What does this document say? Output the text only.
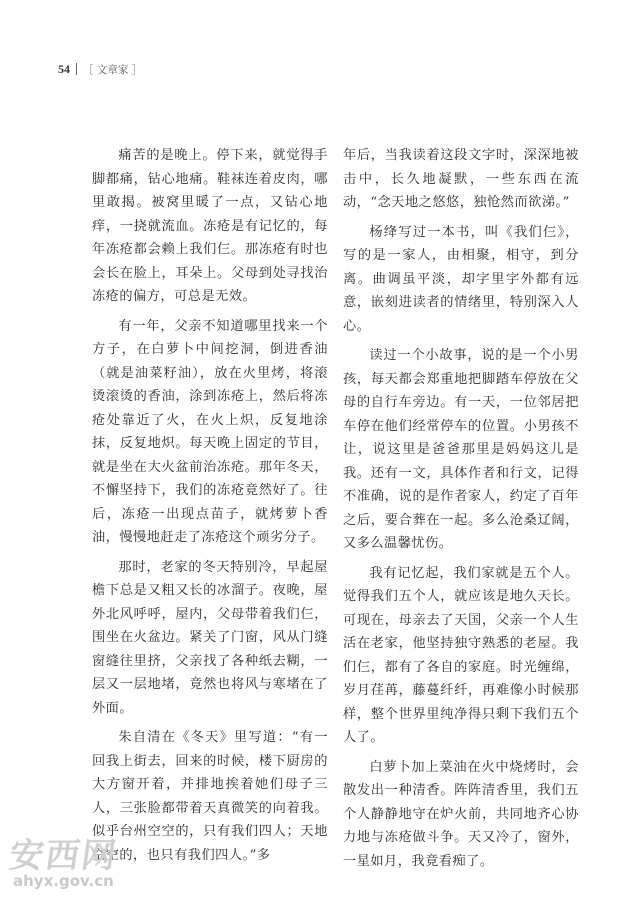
54 ［ 文章家 ］

痛苦的是晚上。停下来，就觉得手脚都痛，钻心地痛。鞋袜连着皮肉，哪里敢揭。被窝里暖了一点，又钻心地痒，一挠就流血。冻疮是有记忆的，每年冻疮都会赖上我们仨。那冻疮有时也会长在脸上，耳朵上。父母到处寻找治冻疮的偏方，可总是无效。

有一年，父亲不知道哪里找来一个方子，在白萝卜中间挖洞，倒进香油（就是油菜籽油），放在火里烤，将滚烫滚烫的香油，涂到冻疮上，然后将冻疮处靠近了火，在火上炽，反复地涂抹，反复地炽。每天晚上固定的节目，就是坐在大火盆前治冻疮。那年冬天，不懈坚持下，我们的冻疮竟然好了。往后，冻疮一出现点苗子，就烤萝卜香油，慢慢地赶走了冻疮这个顽劣分子。

那时，老家的冬天特别冷，早起屋檐下总是又粗又长的冰溜子。夜晚，屋外北风呼呼，屋内，父母带着我们仨，围坐在火盆边。紧关了门窗，风从门缝窗缝往里挤，父亲找了各种纸去糊，一层又一层地堵，竟然也将风与寒堵在了外面。

朱自清在《冬天》里写道：“有一回我上街去，回来的时候，楼下厨房的大方窗开着，并排地挨着她们母子三人，三张脸都带着天真微笑的向着我。似乎台州空空的，只有我们四人；天地空空的，也只有我们四人。”多

年后，当我读着这段文字时，深深地被击中，长久地凝默，一些东西在流动，“念天地之悠悠，独怆然而欲涕。”

杨绛写过一本书，叫《我们仨》，写的是一家人，由相聚，相守，到分离。曲调虽平淡，却字里字外都有远意，嵌刻进读者的情绪里，特别深入人心。

读过一个小故事，说的是一个小男孩，每天都会郑重地把脚踏车停放在父母的自行车旁边。有一天，一位邻居把车停在他们经常停车的位置。小男孩不让，说这里是爸爸那里是妈妈这儿是我。还有一文，具体作者和行文，记得不准确，说的是作者家人，约定了百年之后，要合葬在一起。多么沧桑辽阔，又多么温馨忧伤。

我有记忆起，我们家就是五个人。觉得我们五个人，就应该是地久天长。可现在，母亲去了天国，父亲一个人生活在老家，他坚持独守熟悉的老屋。我们仨，都有了各自的家庭。时光缠绵，岁月荏苒，藤蔓纤纤，再难像小时候那样，整个世界里纯净得只剩下我们五个人了。

白萝卜加上菜油在火中烧烤时，会散发出一种清香。阵阵清香里，我们五个人静静地守在炉火前，共同地齐心协力地与冻疮做斗争。天又冷了，窗外，一星如月，我竟看痴了。

安西网
ahyx.gov.cn
